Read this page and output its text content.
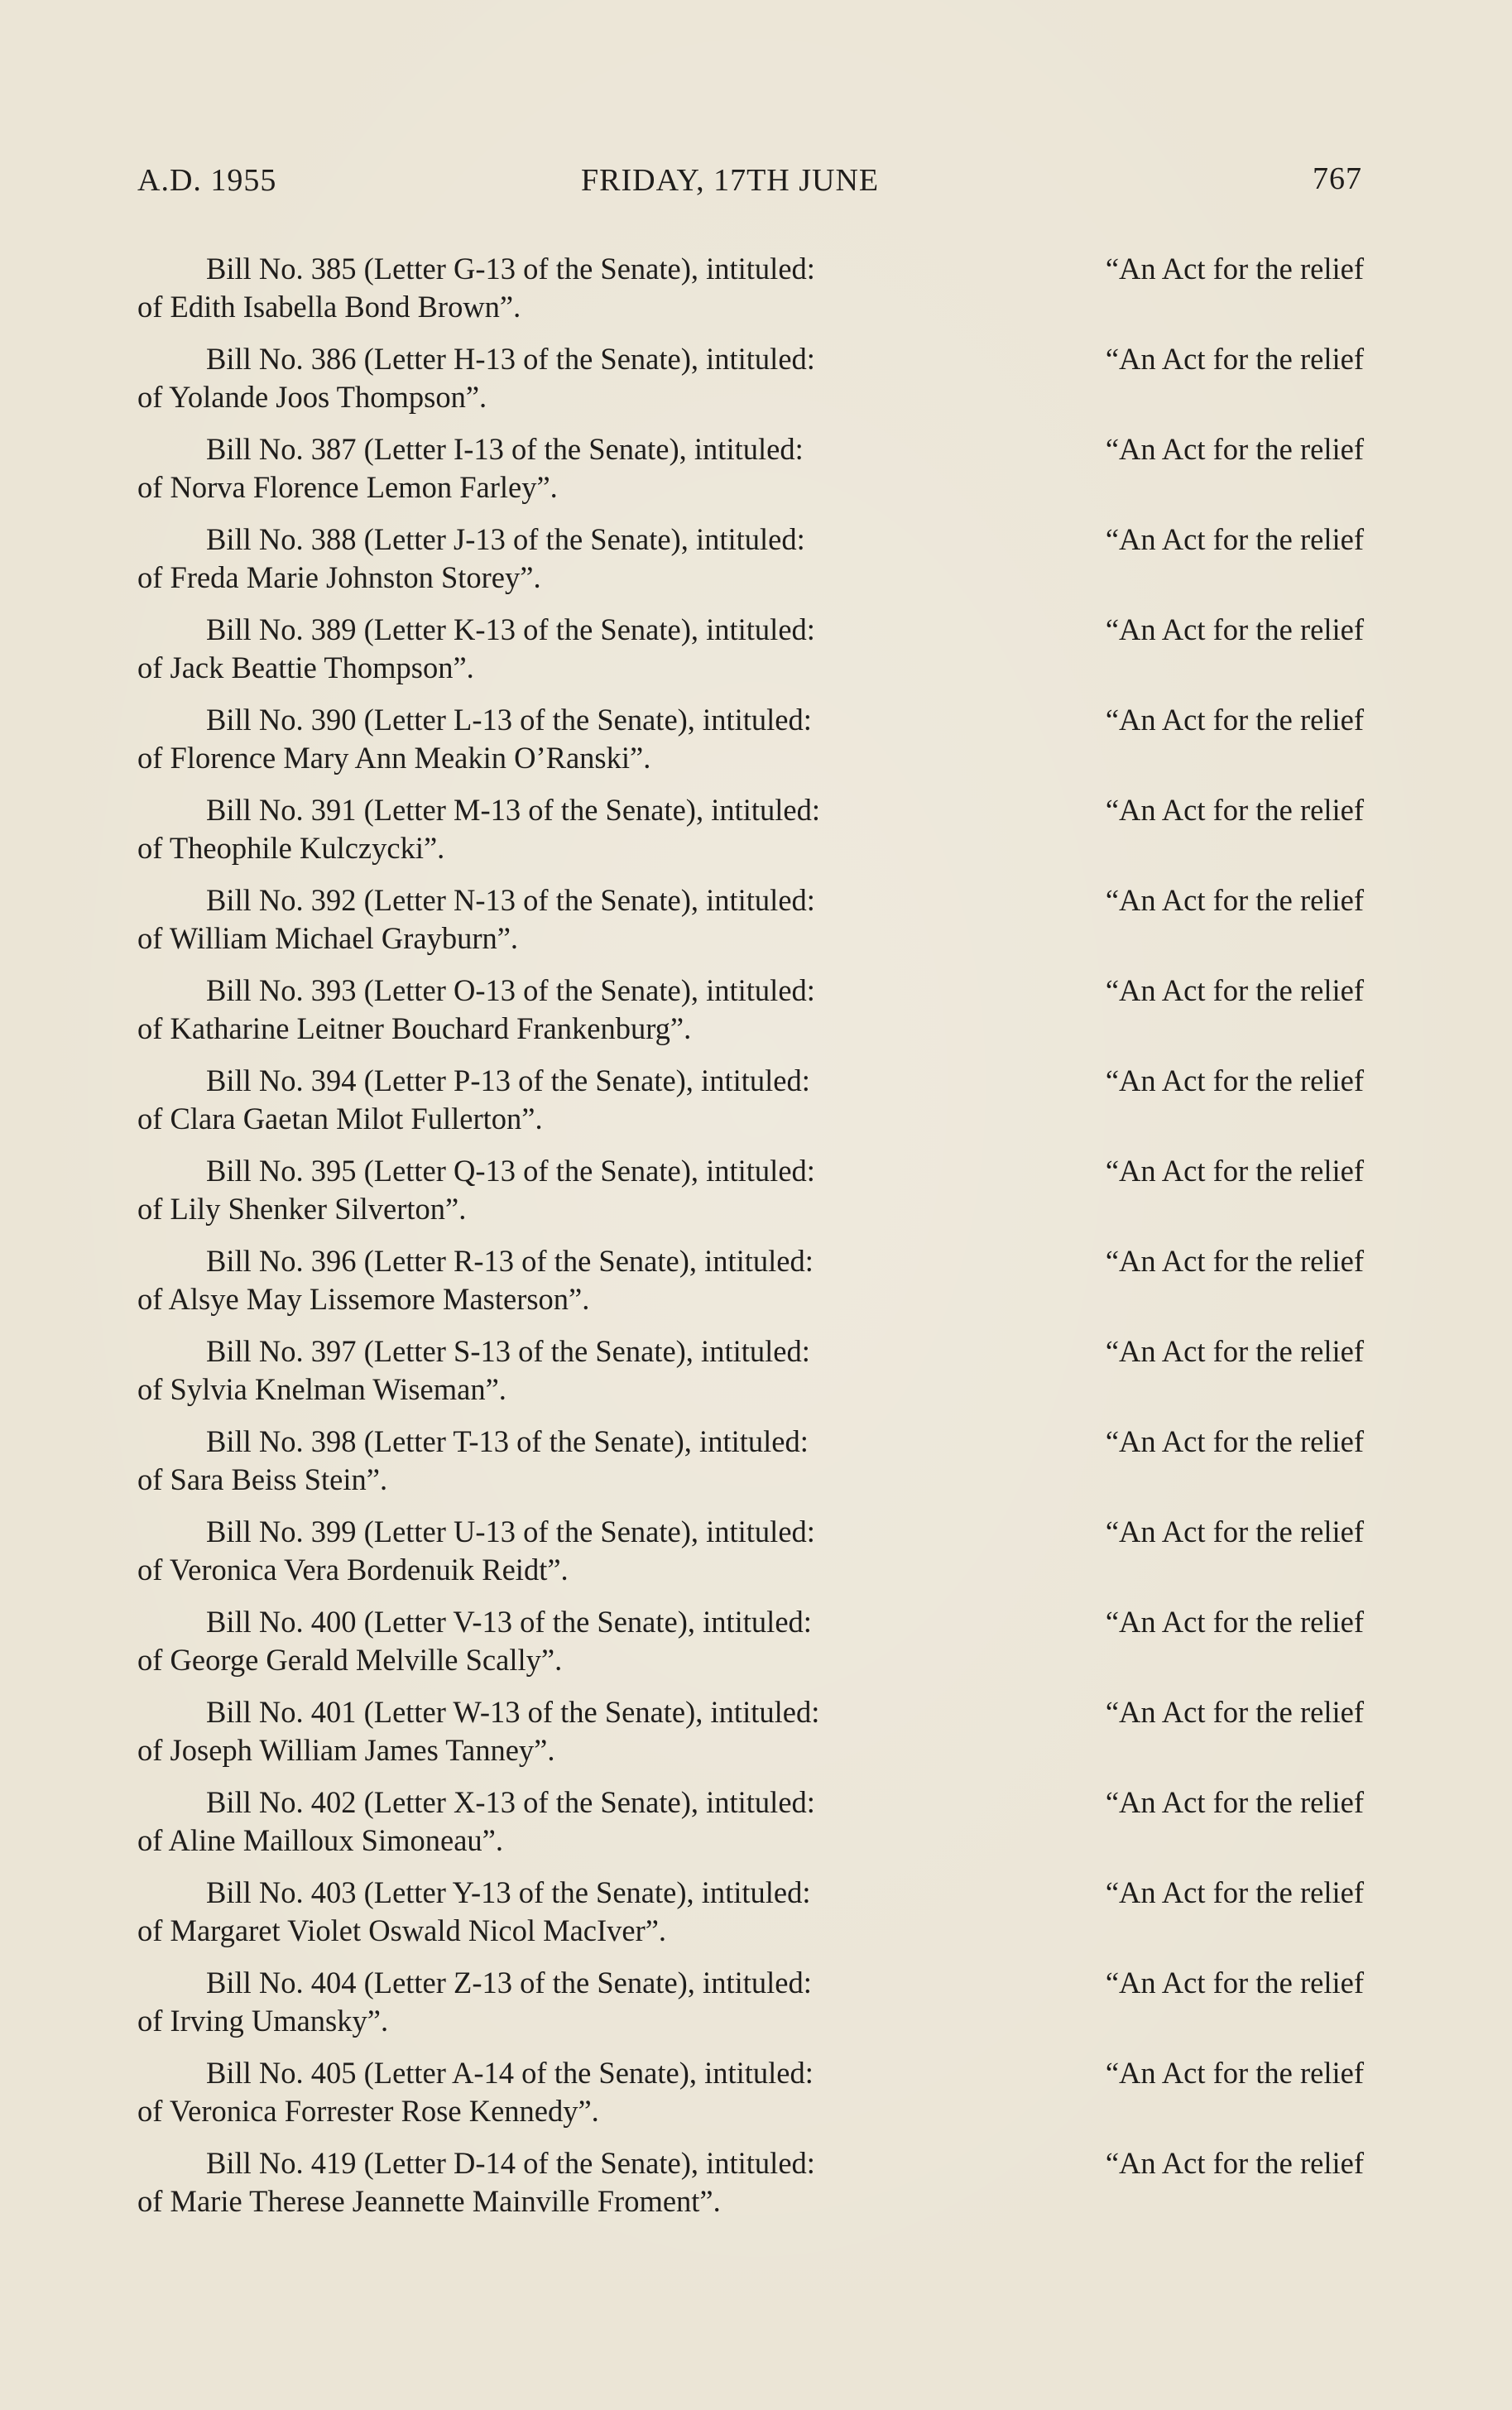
A.D. 1955	FRIDAY, 17TH JUNE	767
Bill No. 385 (Letter G-13 of the Senate), intituled:	“An Act for the relief
of Edith Isabella Bond Brown”.
Bill No. 386 (Letter H-13 of the Senate), intituled:	“An Act for the relief
of Yolande Joos Thompson”.
Bill No. 387 (Letter I-13 of the Senate), intituled:	“An Act for the relief
of Norva Florence Lemon Farley”.
Bill No. 388 (Letter J-13 of the Senate), intituled:	“An Act for the relief
of Freda Marie Johnston Storey”.
Bill No. 389 (Letter K-13 of the Senate), intituled:	“An Act for the relief
of Jack Beattie Thompson”.
Bill No. 390 (Letter L-13 of the Senate), intituled:	“An Act for the relief
of Florence Mary Ann Meakin O’Ranski”.
Bill No. 391 (Letter M-13 of the Senate), intituled:	“An Act for the relief
of Theophile Kulczycki”.
Bill No. 392 (Letter N-13 of the Senate), intituled:	“An Act for the relief
of William Michael Grayburn”.
Bill No. 393 (Letter O-13 of the Senate), intituled:	“An Act for the relief
of Katharine Leitner Bouchard Frankenburg”.
Bill No. 394 (Letter P-13 of the Senate), intituled:	“An Act for the relief
of Clara Gaetan Milot Fullerton”.
Bill No. 395 (Letter Q-13 of the Senate), intituled:	“An Act for the relief
of Lily Shenker Silverton”.
Bill No. 396 (Letter R-13 of the Senate), intituled:	“An Act for the relief
of Alsye May Lissemore Masterson”.
Bill No. 397 (Letter S-13 of the Senate), intituled:	“An Act for the relief
of Sylvia Knelman Wiseman”.
Bill No. 398 (Letter T-13 of the Senate), intituled:	“An Act for the relief
of Sara Beiss Stein”.
Bill No. 399 (Letter U-13 of the Senate), intituled:	“An Act for the relief
of Veronica Vera Bordenuik Reidt”.
Bill No. 400 (Letter V-13 of the Senate), intituled:	“An Act for the relief
of George Gerald Melville Scally”.
Bill No. 401 (Letter W-13 of the Senate), intituled:	“An Act for the relief
of Joseph William James Tanney”.
Bill No. 402 (Letter X-13 of the Senate), intituled:	“An Act for the relief
of Aline Mailloux Simoneau”.
Bill No. 403 (Letter Y-13 of the Senate), intituled:	“An Act for the relief
of Margaret Violet Oswald Nicol MacIver”.
Bill No. 404 (Letter Z-13 of the Senate), intituled:	“An Act for the relief
of Irving Umansky”.
Bill No. 405 (Letter A-14 of the Senate), intituled:	“An Act for the relief
of Veronica Forrester Rose Kennedy”.
Bill No. 419 (Letter D-14 of the Senate), intituled:	“An Act for the relief
of Marie Therese Jeannette Mainville Froment”.
